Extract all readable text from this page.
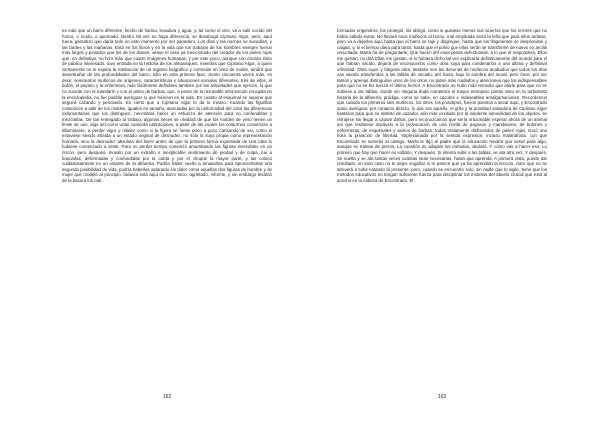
es más que un barro diferente, hecho de harina, levadura y agua, y, tal como el otro, va a salir cocido del horno, o crudo, o quemado. Dentro tal vez no haya diferencia, se desahoga Cipriano Algor, pero, aquí fuera, garantizo que daría todo en este momento por ser panadero. Los días y las noches se sucedían, y las tardes y las mañanas. Está en los libros y en la vida que los trabajos de los hombres siempre fueron más largos y pesados que los de los dioses, véase el caso ya mencionado del creador de los pieles rojas que, en definitiva, no hizo más que cuatro imágenes humanas, y por este poco, aunque con escaso éxito de público interesado, tuvo entrada en la historia de los almanaques, mientras que Cipriano Algor, a quien ciertamente no le espera la retribución de un registro biográfico y curricular en letra de molde, tendrá que desentrañar de las profundidades del barro, sólo en esta primera fase, ciento cincuenta veces más, es decir, seiscientos muñecos de orígenes, características y situaciones sociales diferentes, tres de ellos, el bufón, el payaso y la enfermera, más fácilmente definibles también por las actividades que ejercen, lo que no sucede con el mandarín y con el asirio de barbas, que, a pesar de la razonable información recogida en la enciclopedia, no fue posible averiguar lo que hicieron en la vida. En cuanto al esquimal se supone que seguirá cazando y pescando. Es cierto que a Cipriano Algor le da lo mismo. Cuando las figurillas comiencen a salir de los moldes, iguales en tamaño, atenuadas por la uniformidad del color las diferencias indumentarias que los distinguen, necesitará hacer un esfuerzo de atención para no confundirlas y mezclarlas. De tan entregado al trabajo, algunas veces se olvidará de que los moldes de yeso tienen un límite de uso, algo así como unas cuarenta utilizaciones, a partir de las cuales los contornos comienzan a difuminarse, a perder vigor y nitidez como si la figura se fuese poco a poco cansando de ser, como si estuviese siendo atraída a un estado original de desnudez, no sólo la suya propia como representación humana, sino la desnudez absoluta del barro antes de que la primera forma expresada de una idea lo hubiese comenzado a vestir. Para no perder tiempo comenzó amumbando las figuras inservibles en un rincón, pero después, movido por un extraño e inexplicable sentimiento de piedad y de culpa, fue a buscarlas, deformadas y confundidas por la caída y por el choque la mayor parte, y las colocó cuidadosamente en un estante de la alfarería. Podría haber vuelto a amasarlas para aprovecharlas una segunda posibilidad de vida, podría haberlas aplanado sin dolor como aquellas dos figuras de hombre y de mujer que modeló al principio, todavía está aquí su barro seco, agrietado, informe, y sin embargo levantó de la basura los mal

162

formados engendros, los protegió, los abrigó, como si quisiese menos sus aciertos que los errores que no había sabido evitar. No llevará esos muñecos al horno, mal empleada sería la leña que para ellos ardiese, pero va a dejarlos aquí hasta que el barro se raje y disgregue, hasta que los fragmentos se desprendan y caigan, y, si el tiempo diera para tanto, hasta que el polvo que ellos serán se transforme de nuevo en arcilla resucitada. Marta ha de preguntarle, Qué hacen ahí esas pesas defectuosas, a lo que él responderá, Ellos me gustan, no dirá Ellas me gustan, si lo hubiera dicho tal vez explicaría definitivamente del mundo para el que habían nacido, dejaría de reconocerlos como obra suya para condenarlos a una última y definitiva orfandad. Obra suya, y fatigosa obra, también son las decenas de muñecos acabados que todos los días van siendo transferidos a las tablas de secado, ahí fuera, bajo la sombra del moral, pero ésos, por ser tantos y apenas distinguirse unos de los otros, no piden más cuidados y atenciones que los indispensables para que no se les tuerza el último hervor. A Encontrado no hubo más remedio que atarle para que no se subiese a las tablas, donde sin ninguna duda cometería el mayor estropicio jamás visto en la turbulenta historia de la alfarería, pródiga, como se sabe, en cacotes e indeseables amalgamaciones. Recordemos que cuando los primeros seis muñecos, los otros, los prototipos, fueron puestos a secar aquí, y Encontrado quiso averiguar, por contacto directo, lo que era aquello, el grito y la prontitud salvadora de Cipriano Algor bastaron para que su instinto de cazador, aún más excitado por la insolente inmovilidad de los objetos, se retrajese sin llegar a causar daños, pero reconozcamos que sería irrazonable esperar ahora de un animal así que resistiese impávido a la provocación de una horda de payasos y mandarines, de bufones y enfermeras, de esquimales y asirios de barbas, todos malamente disfrazados de pieles rojas. Duró una hora la privación de libertad. Impresionada por la sentida expresión, incluso malandrosa, con que Encontrado se sometió al castigo, Marta le dijo al padre que la educación tendría que servir para algo, aunque se tratase de perros, La cuestión es adaptar los métodos, declaró, Y cómo vas a hacer eso, Lo primero que hay que hacer es soltarlo, Y después, Si intenta subir a las tablas, se ata otra vez, Y después, Se suelta y se ata tantas veces cuantas sean necesarias, hasta que aprenda, A primera vista, puede dar resultado, en todo caso no te dejes engañar si te parece que ya ha aprendido la lección, claro que no se atreverá a subir estando tú presente, pero, cuando se encuentre solo, sin nadie que lo vigile, temo que los métodos educativos no tengan suficiente fuerza para disciplinar los instintos del abuelo chacal que está al acecho en la cabeza de Encontrado, El

163
